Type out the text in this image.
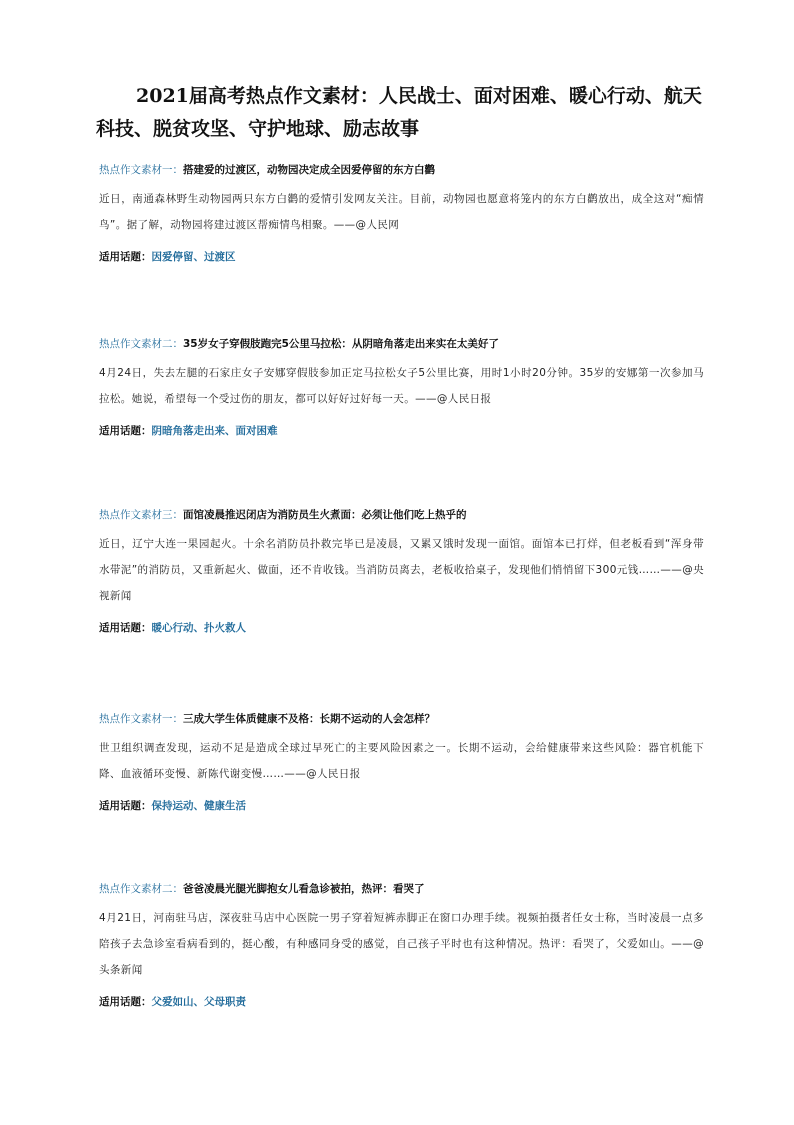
2021届高考热点作文素材：人民战士、面对困难、暖心行动、航天科技、脱贫攻坚、守护地球、励志故事

热点作文素材一：搭建爱的过渡区，动物园决定成全因爱停留的东方白鹳

近日，南通森林野生动物园两只东方白鹳的爱情引发网友关注。目前，动物园也愿意将笼内的东方白鹳放出，成全这对“痴情鸟”。据了解，动物园将建过渡区帮痴情鸟相聚。——@人民网

适用话题：因爱停留、过渡区

热点作文素材二：35岁女子穿假肢跑完5公里马拉松：从阴暗角落走出来实在太美好了

4月24日，失去左腿的石家庄女子安娜穿假肢参加正定马拉松女子5公里比赛，用时1小时20分钟。35岁的安娜第一次参加马拉松。她说，希望每一个受过伤的朋友，都可以好好过好每一天。——@人民日报

适用话题：阴暗角落走出来、面对困难

热点作文素材三：面馆凌晨推迟闭店为消防员生火煮面：必须让他们吃上热乎的

近日，辽宁大连一果园起火。十余名消防员扑救完毕已是凌晨，又累又饿时发现一面馆。面馆本已打烊，但老板看到“浑身带水带泥”的消防员，又重新起火、做面，还不肯收钱。当消防员离去，老板收拾桌子，发现他们悄悄留下300元钱……——@央视新闻

适用话题：暖心行动、扑火救人

热点作文素材一：三成大学生体质健康不及格：长期不运动的人会怎样？

世卫组织调查发现，运动不足是造成全球过早死亡的主要风险因素之一。长期不运动，会给健康带来这些风险：器官机能下降、血液循环变慢、新陈代谢变慢……——@人民日报

适用话题：保持运动、健康生活

热点作文素材二：爸爸凌晨光腿光脚抱女儿看急诊被拍，热评：看哭了

4月21日，河南驻马店，深夜驻马店中心医院一男子穿着短裤赤脚正在窗口办理手续。视频拍摄者任女士称，当时凌晨一点多陪孩子去急诊室看病看到的，挺心酸，有种感同身受的感觉，自己孩子平时也有这种情况。热评：看哭了，父爱如山。——@头条新闻

适用话题：父爱如山、父母职责
